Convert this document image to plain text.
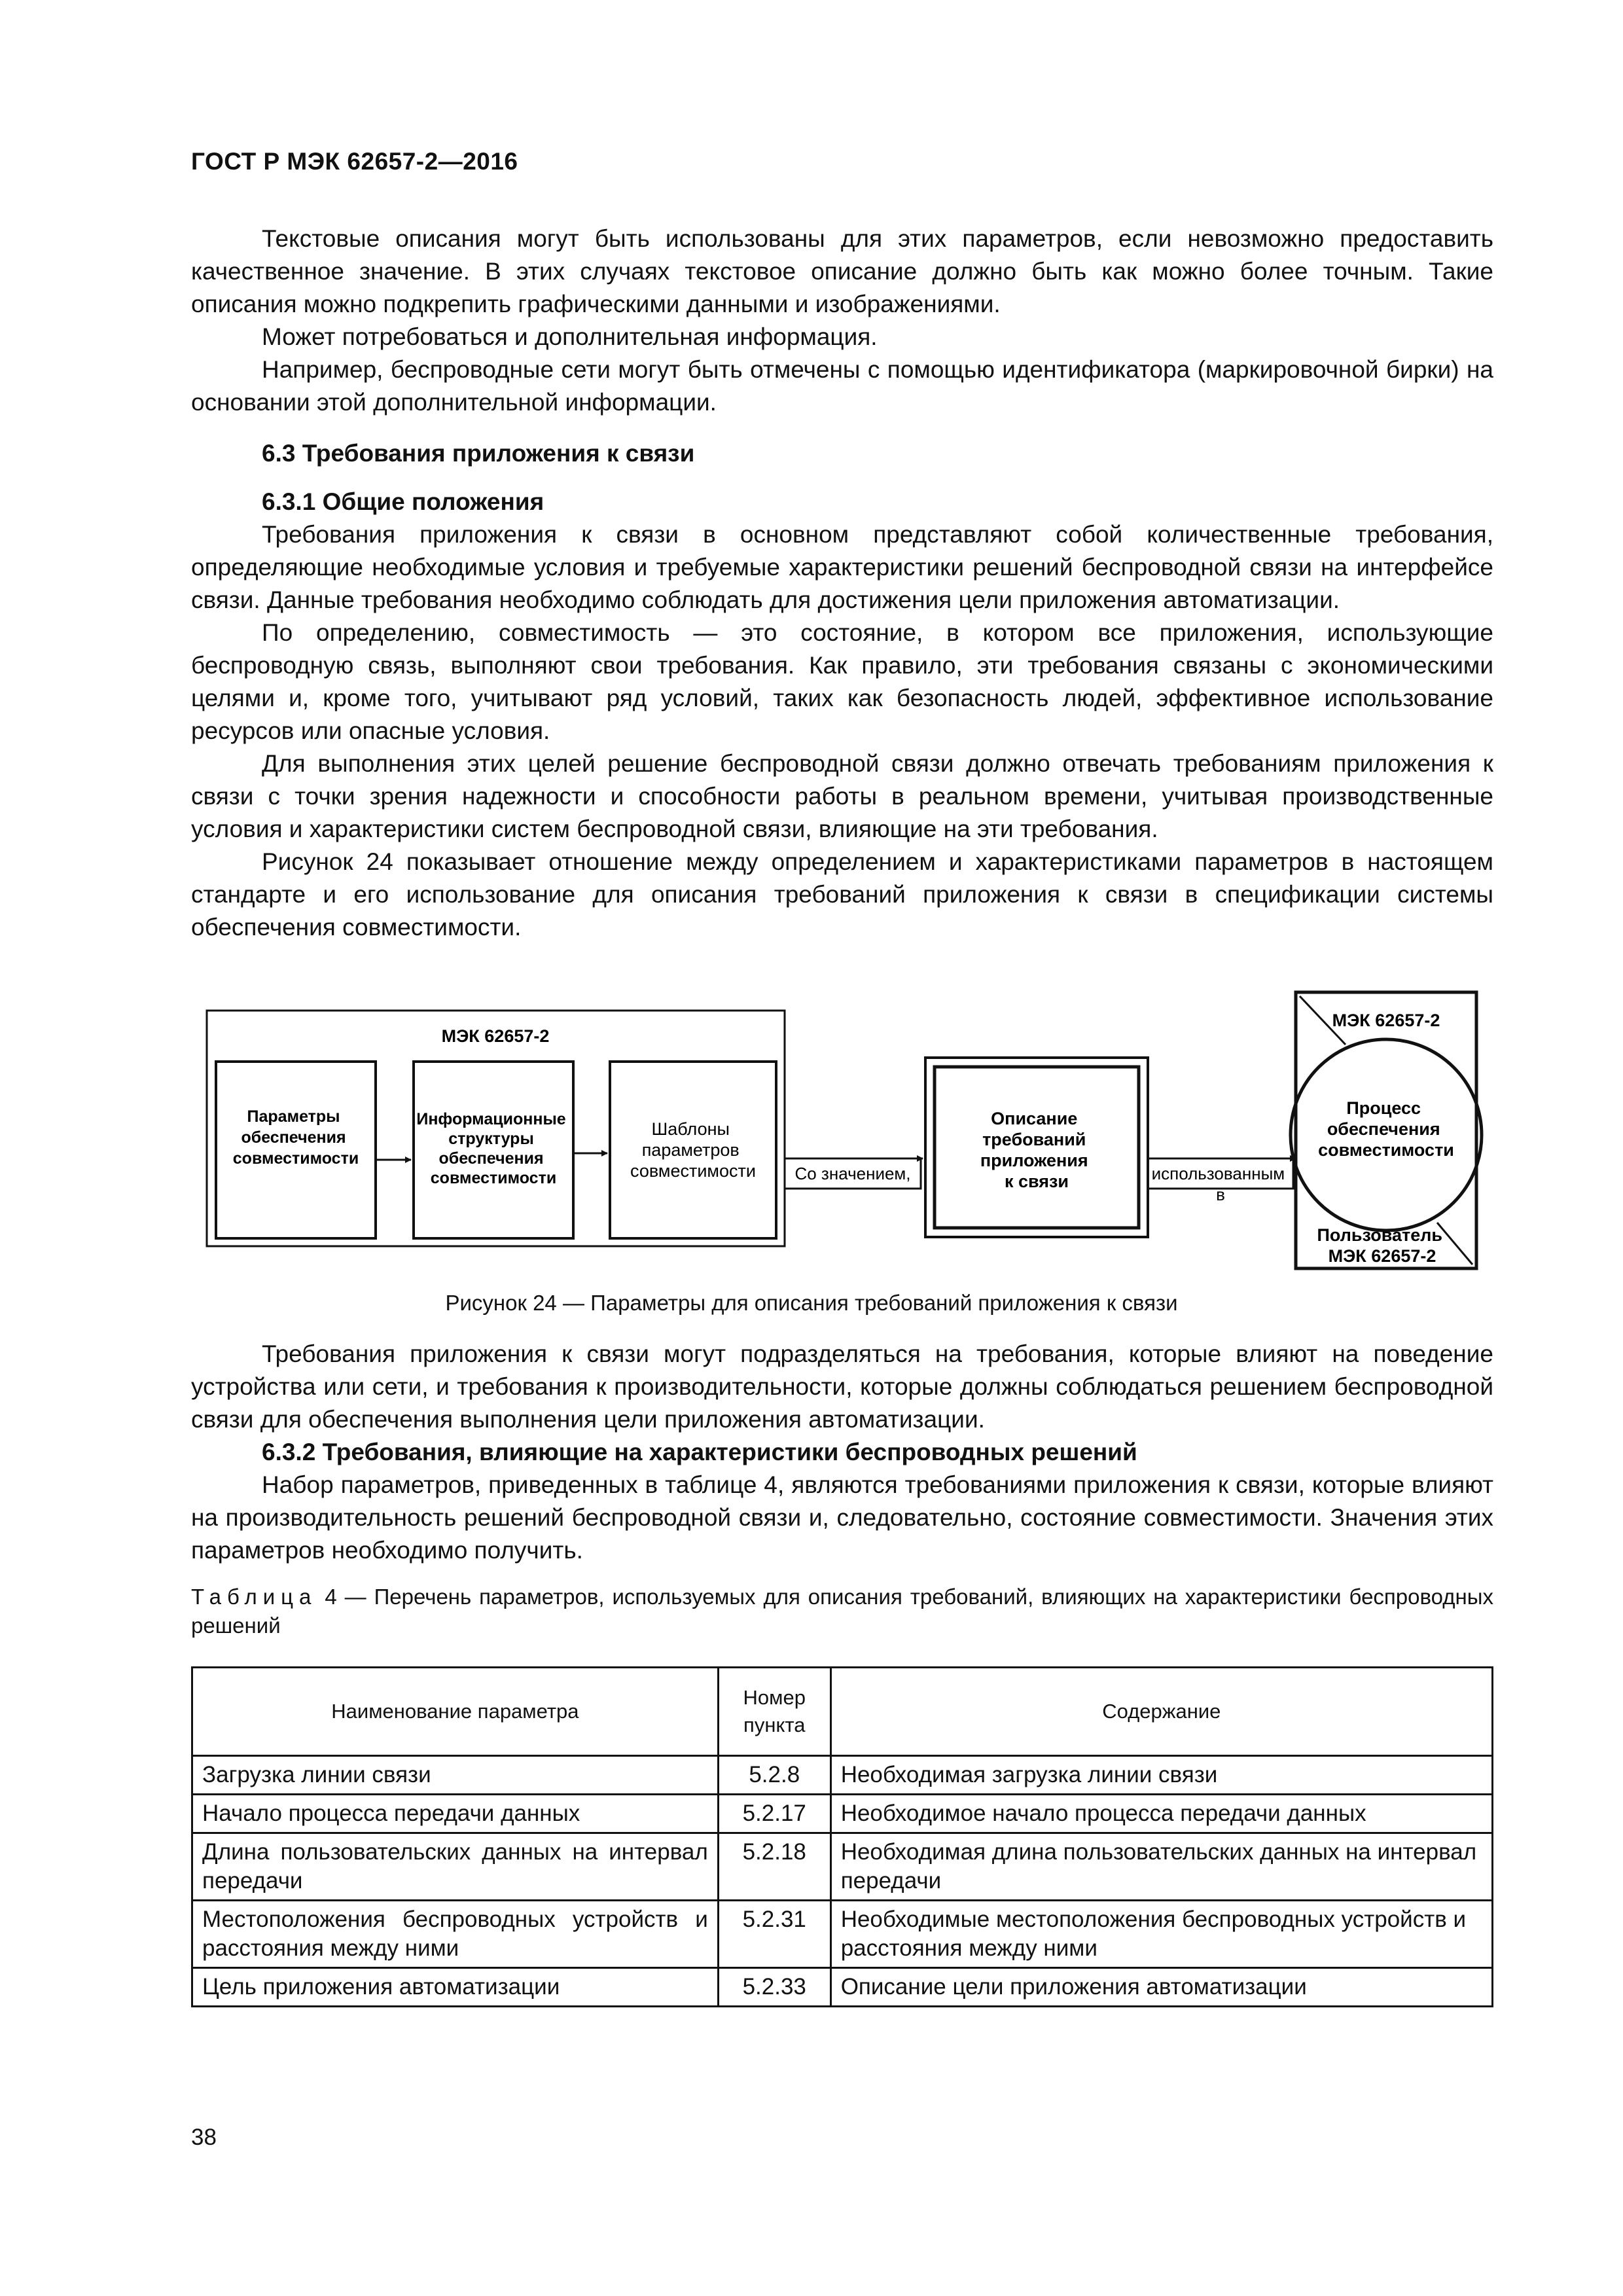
ГОСТ Р МЭК 62657-2—2016

Текстовые описания могут быть использованы для этих параметров, если невозможно предоставить качественное значение. В этих случаях текстовое описание должно быть как можно более точным. Такие описания можно подкрепить графическими данными и изображениями.

Может потребоваться и дополнительная информация.

Например, беспроводные сети могут быть отмечены с помощью идентификатора (маркировочной бирки) на основании этой дополнительной информации.

6.3 Требования приложения к связи

6.3.1 Общие положения

Требования приложения к связи в основном представляют собой количественные требования, определяющие необходимые условия и требуемые характеристики решений беспроводной связи на интерфейсе связи. Данные требования необходимо соблюдать для достижения цели приложения автоматизации.

По определению, совместимость — это состояние, в котором все приложения, использующие беспроводную связь, выполняют свои требования. Как правило, эти требования связаны с экономическими целями и, кроме того, учитывают ряд условий, таких как безопасность людей, эффективное использование ресурсов или опасные условия.

Для выполнения этих целей решение беспроводной связи должно отвечать требованиям приложения к связи с точки зрения надежности и способности работы в реальном времени, учитывая производственные условия и характеристики систем беспроводной связи, влияющие на эти требования.

Рисунок 24 показывает отношение между определением и характеристиками параметров в настоящем стандарте и его использование для описания требований приложения к связи в спецификации системы обеспечения совместимости.

МЭК 62657-2
Параметры обеспечения совместимости
Информационные структуры обеспечения совместимости
Шаблоны параметров совместимости Со значением,
Описание требований приложения к связи	использованным в
МЭК 62657-2
Процесс обеспечения совместимости
Пользователь МЭК 62657-2
Рисунок 24 — Параметры для описания требований приложения к связи

Требования приложения к связи могут подразделяться на требования, которые влияют на поведение устройства или сети, и требования к производительности, которые должны соблюдаться решением беспроводной связи для обеспечения выполнения цели приложения автоматизации.

6.3.2 Требования, влияющие на характеристики беспроводных решений

Набор параметров, приведенных в таблице 4, являются требованиями приложения к связи, которые влияют на производительность решений беспроводной связи и, следовательно, состояние совместимости. Значения этих параметров необходимо получить.

Таблица 4 — Перечень параметров, используемых для описания требований, влияющих на характеристики беспроводных решений
Наименование параметра	Номер пункта	Содержание
Загрузка линии связи	5.2.8	Необходимая загрузка линии связи
Начало процесса передачи данных	5.2.17	Необходимое начало процесса передачи данных
Длина пользовательских данных на интервал передачи	5.2.18	Необходимая длина пользовательских данных на интервал передачи
Местоположения беспроводных устройств и расстояния между ними	5.2.31	Необходимые местоположения беспроводных устройств и расстояния между ними
Цель приложения автоматизации	5.2.33	Описание цели приложения автоматизации
38
